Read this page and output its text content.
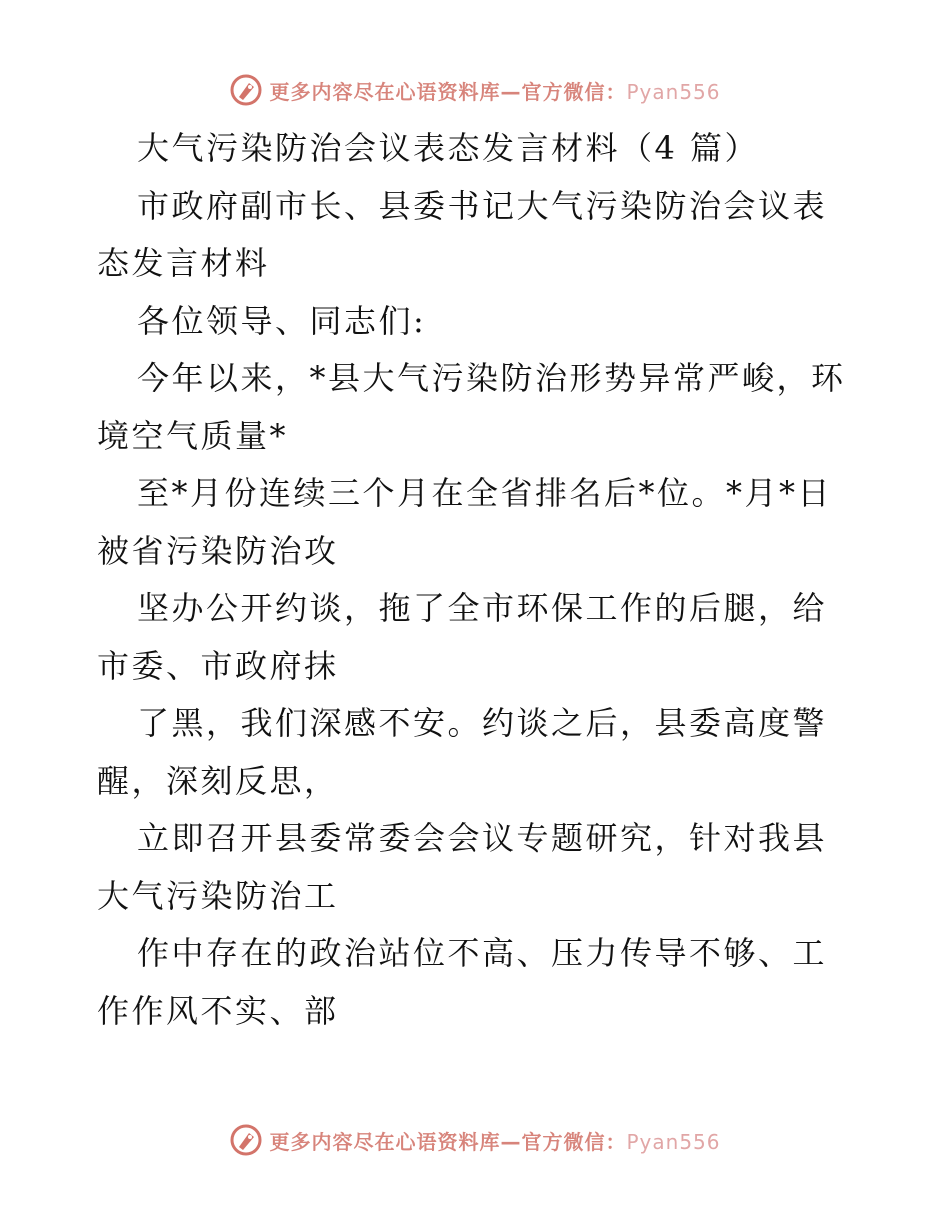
更多内容尽在心语资料库—官方微信：Pyan556

大气污染防治会议表态发言材料（4 篇）

市政府副市长、县委书记大气污染防治会议表态发言材料

各位领导、同志们:

今年以来，*县大气污染防治形势异常严峻，环境空气质量*

至*月份连续三个月在全省排名后*位。*月*日被省污染防治攻

坚办公开约谈，拖了全市环保工作的后腿，给市委、市政府抹

了黑，我们深感不安。约谈之后，县委高度警醒，深刻反思，

立即召开县委常委会会议专题研究，针对我县大气污染防治工

作中存在的政治站位不高、压力传导不够、工作作风不实、部

更多内容尽在心语资料库—官方微信：Pyan556
